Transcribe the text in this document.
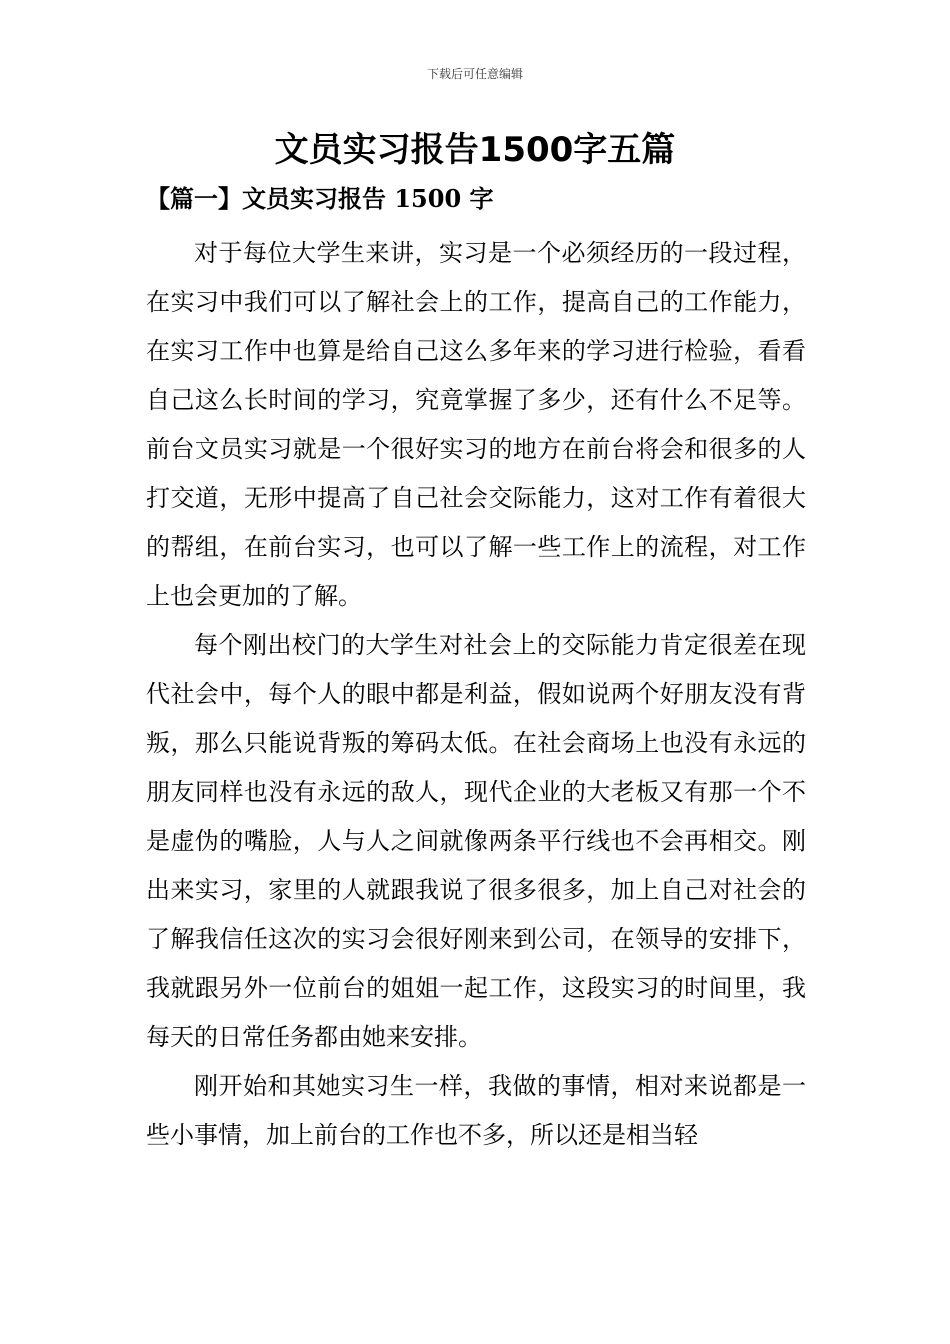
下载后可任意编辑
文员实习报告1500字五篇
【篇一】文员实习报告 1500 字

对于每位大学生来讲，实习是一个必须经历的一段过程，在实习中我们可以了解社会上的工作，提高自己的工作能力，在实习工作中也算是给自己这么多年来的学习进行检验，看看自己这么长时间的学习，究竟掌握了多少，还有什么不足等。前台文员实习就是一个很好实习的地方在前台将会和很多的人打交道，无形中提高了自己社会交际能力，这对工作有着很大的帮组，在前台实习，也可以了解一些工作上的流程，对工作上也会更加的了解。

每个刚出校门的大学生对社会上的交际能力肯定很差在现代社会中，每个人的眼中都是利益，假如说两个好朋友没有背叛，那么只能说背叛的筹码太低。在社会商场上也没有永远的朋友同样也没有永远的敌人，现代企业的大老板又有那一个不是虚伪的嘴脸，人与人之间就像两条平行线也不会再相交。刚出来实习，家里的人就跟我说了很多很多，加上自己对社会的了解我信任这次的实习会很好刚来到公司，在领导的安排下，我就跟另外一位前台的姐姐一起工作，这段实习的时间里，我每天的日常任务都由她来安排。

刚开始和其她实习生一样，我做的事情，相对来说都是一些小事情，加上前台的工作也不多，所以还是相当轻
